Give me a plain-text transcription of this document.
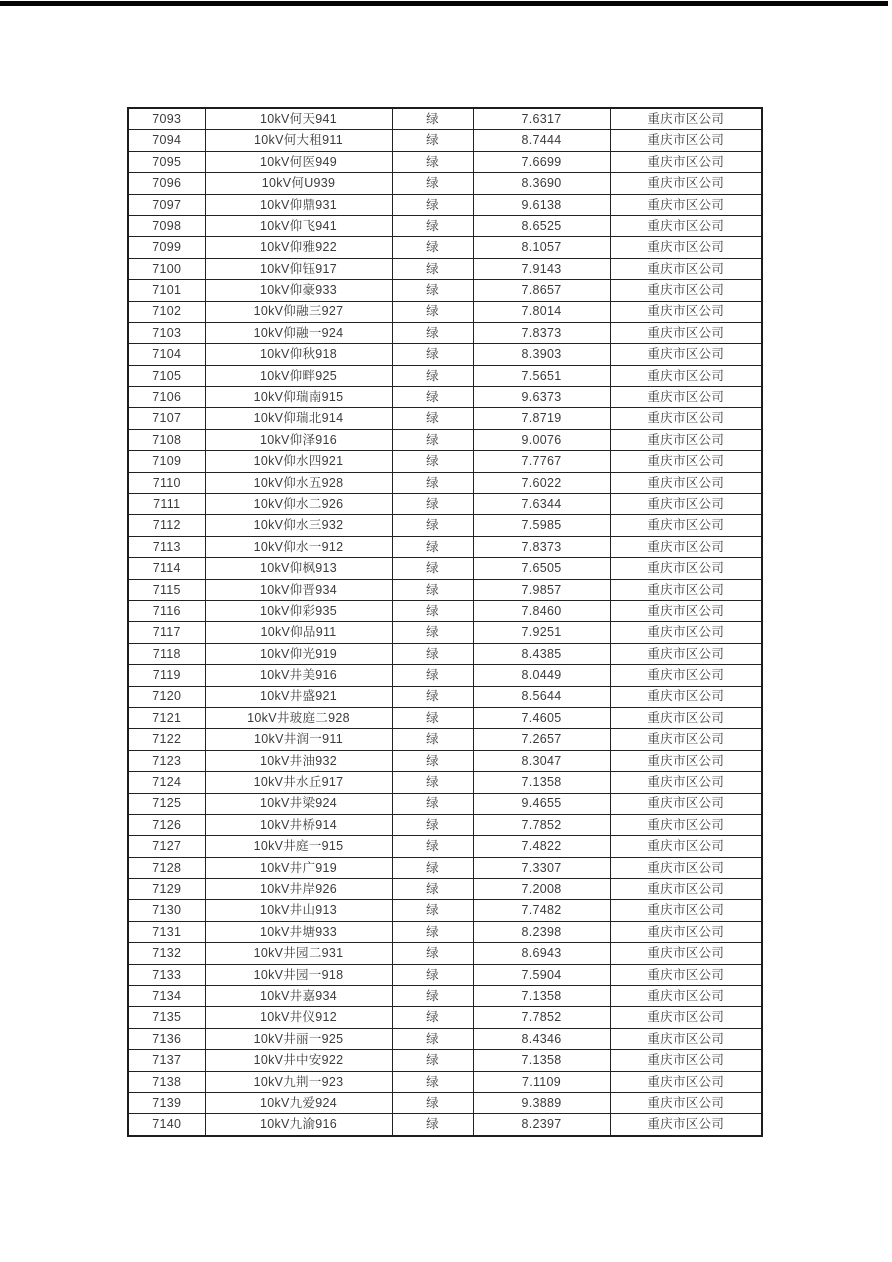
7093	10kV何天941	绿	7.6317	重庆市区公司
7094	10kV何大租911	绿	8.7444	重庆市区公司
7095	10kV何医949	绿	7.6699	重庆市区公司
7096	10kV何U939	绿	8.3690	重庆市区公司
7097	10kV仰鼎931	绿	9.6138	重庆市区公司
7098	10kV仰飞941	绿	8.6525	重庆市区公司
7099	10kV仰雅922	绿	8.1057	重庆市区公司
7100	10kV仰钰917	绿	7.9143	重庆市区公司
7101	10kV仰豪933	绿	7.8657	重庆市区公司
7102	10kV仰融三927	绿	7.8014	重庆市区公司
7103	10kV仰融一924	绿	7.8373	重庆市区公司
7104	10kV仰秋918	绿	8.3903	重庆市区公司
7105	10kV仰畔925	绿	7.5651	重庆市区公司
7106	10kV仰瑞南915	绿	9.6373	重庆市区公司
7107	10kV仰瑞北914	绿	7.8719	重庆市区公司
7108	10kV仰泽916	绿	9.0076	重庆市区公司
7109	10kV仰水四921	绿	7.7767	重庆市区公司
7110	10kV仰水五928	绿	7.6022	重庆市区公司
7111	10kV仰水二926	绿	7.6344	重庆市区公司
7112	10kV仰水三932	绿	7.5985	重庆市区公司
7113	10kV仰水一912	绿	7.8373	重庆市区公司
7114	10kV仰枫913	绿	7.6505	重庆市区公司
7115	10kV仰晋934	绿	7.9857	重庆市区公司
7116	10kV仰彩935	绿	7.8460	重庆市区公司
7117	10kV仰品911	绿	7.9251	重庆市区公司
7118	10kV仰光919	绿	8.4385	重庆市区公司
7119	10kV井美916	绿	8.0449	重庆市区公司
7120	10kV井盛921	绿	8.5644	重庆市区公司
7121	10kV井玻庭二928	绿	7.4605	重庆市区公司
7122	10kV井润一911	绿	7.2657	重庆市区公司
7123	10kV井油932	绿	8.3047	重庆市区公司
7124	10kV井水丘917	绿	7.1358	重庆市区公司
7125	10kV井梁924	绿	9.4655	重庆市区公司
7126	10kV井桥914	绿	7.7852	重庆市区公司
7127	10kV井庭一915	绿	7.4822	重庆市区公司
7128	10kV井广919	绿	7.3307	重庆市区公司
7129	10kV井岸926	绿	7.2008	重庆市区公司
7130	10kV井山913	绿	7.7482	重庆市区公司
7131	10kV井塘933	绿	8.2398	重庆市区公司
7132	10kV井园二931	绿	8.6943	重庆市区公司
7133	10kV井园一918	绿	7.5904	重庆市区公司
7134	10kV井嘉934	绿	7.1358	重庆市区公司
7135	10kV井仪912	绿	7.7852	重庆市区公司
7136	10kV井丽一925	绿	8.4346	重庆市区公司
7137	10kV井中安922	绿	7.1358	重庆市区公司
7138	10kV九荆一923	绿	7.1109	重庆市区公司
7139	10kV九爱924	绿	9.3889	重庆市区公司
7140	10kV九渝916	绿	8.2397	重庆市区公司
